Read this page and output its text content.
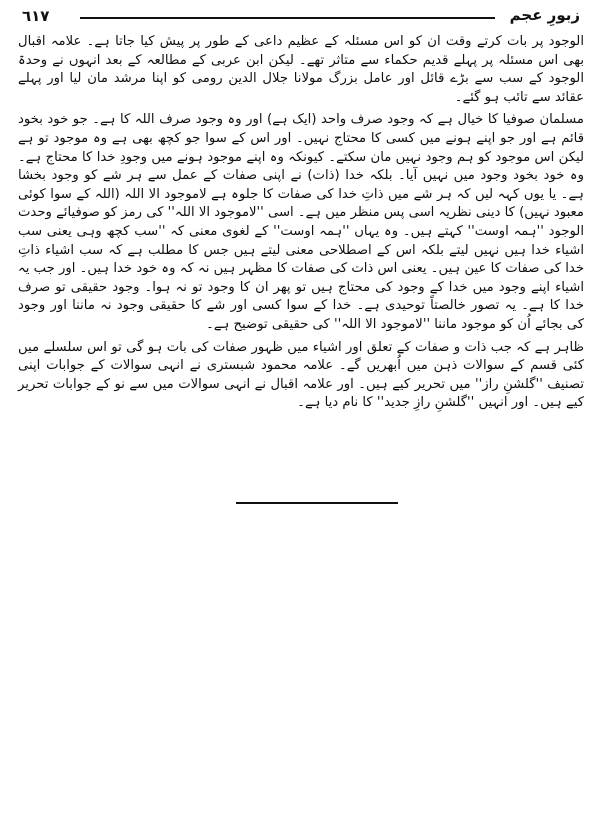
٦١٧	زبورِ عجم

الوجود پر بات کرتے وقت ان کو اس مسئلہ کے عظیم داعی کے طور پر پیش کیا جاتا ہے۔ علامہ اقبال بھی اس مسئلہ پر پہلے قدیم حکماء سے متاثر تھے۔ لیکن ابن عربی کے مطالعہ کے بعد انہوں نے وحدۃ الوجود کے سب سے بڑے قائل اور عامل بزرگ مولانا جلال الدین رومی کو اپنا مرشد مان لیا اور پہلے عقائد سے تائب ہو گئے۔

مسلمان صوفیا کا خیال ہے کہ وجود صرف واحد (ایک ہے) اور وہ وجود صرف اللہ کا ہے۔ جو خود بخود قائم ہے اور جو اپنے ہونے میں کسی کا محتاج نہیں۔ اور اس کے سوا جو کچھ بھی ہے وہ موجود تو ہے لیکن اس موجود کو ہم وجود نہیں مان سکتے۔ کیونکہ وہ اپنے موجود ہونے میں وجودِ خدا کا محتاج ہے۔ وہ خود بخود وجود میں نہیں آیا۔ بلکہ خدا (ذات) نے اپنی صفات کے عمل سے ہر شے کو وجود بخشا ہے۔ یا یوں کہہ لیں کہ ہر شے میں ذاتِ خدا کی صفات کا جلوہ ہے لاموجود الا اللہ (اللہ کے سوا کوئی معبود نہیں) کا دینی نظریہ اسی پس منظر میں ہے۔ اسی ''لاموجود الا اللہ'' کی رمز کو صوفیائے وحدت الوجود ''ہمہ اوست'' کہتے ہیں۔ وہ یہاں ''ہمہ اوست'' کے لغوی معنی کہ ''سب کچھ وہی یعنی سب اشیاء خدا ہیں نہیں لیتے بلکہ اس کے اصطلاحی معنی لیتے ہیں جس کا مطلب ہے کہ سب اشیاء ذاتِ خدا کی صفات کا عین ہیں۔ یعنی اس ذات کی صفات کا مظہر ہیں نہ کہ وہ خود خدا ہیں۔ اور جب یہ اشیاء اپنے وجود میں خدا کے وجود کی محتاج ہیں تو پھر ان کا وجود تو نہ ہوا۔ وجود حقیقی تو صرف خدا کا ہے۔ یہ تصور خالصتاً توحیدی ہے۔ خدا کے سوا کسی اور شے کا حقیقی وجود نہ ماننا اور وجود کی بجائے اُن کو موجود ماننا ''لاموجود الا اللہ'' کی حقیقی توضیح ہے۔

ظاہر ہے کہ جب ذات و صفات کے تعلق اور اشیاء میں ظہور صفات کی بات ہو گی تو اس سلسلے میں کئی قسم کے سوالات ذہن میں اُبھریں گے۔ علامہ محمود شبستری نے انہی سوالات کے جوابات اپنی تصنیف ''گلشنِ راز'' میں تحریر کیے ہیں۔ اور علامہ اقبال نے انہی سوالات میں سے نو کے جوابات تحریر کیے ہیں۔ اور انہیں ''گلشنِ رازِ جدید'' کا نام دیا ہے۔
